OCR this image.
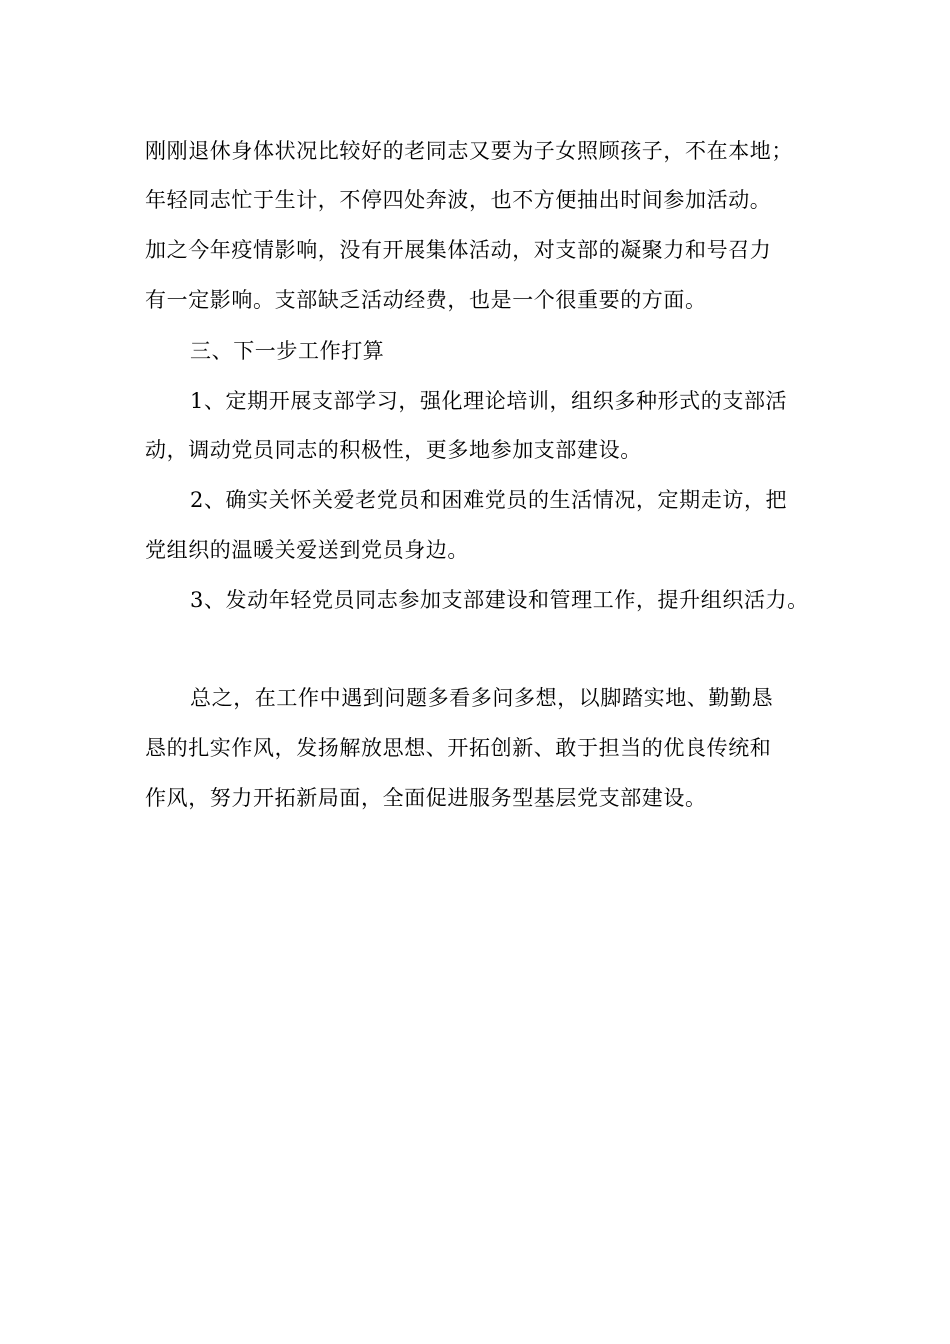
刚刚退休身体状况比较好的老同志又要为子女照顾孩子，不在本地；
年轻同志忙于生计，不停四处奔波，也不方便抽出时间参加活动。
加之今年疫情影响，没有开展集体活动，对支部的凝聚力和号召力
有一定影响。支部缺乏活动经费，也是一个很重要的方面。
三、下一步工作打算
1、定期开展支部学习，强化理论培训，组织多种形式的支部活
动，调动党员同志的积极性，更多地参加支部建设。
2、确实关怀关爱老党员和困难党员的生活情况，定期走访，把
党组织的温暖关爱送到党员身边。
3、发动年轻党员同志参加支部建设和管理工作，提升组织活力。
总之，在工作中遇到问题多看多问多想，以脚踏实地、勤勤恳
恳的扎实作风，发扬解放思想、开拓创新、敢于担当的优良传统和
作风，努力开拓新局面，全面促进服务型基层党支部建设。
